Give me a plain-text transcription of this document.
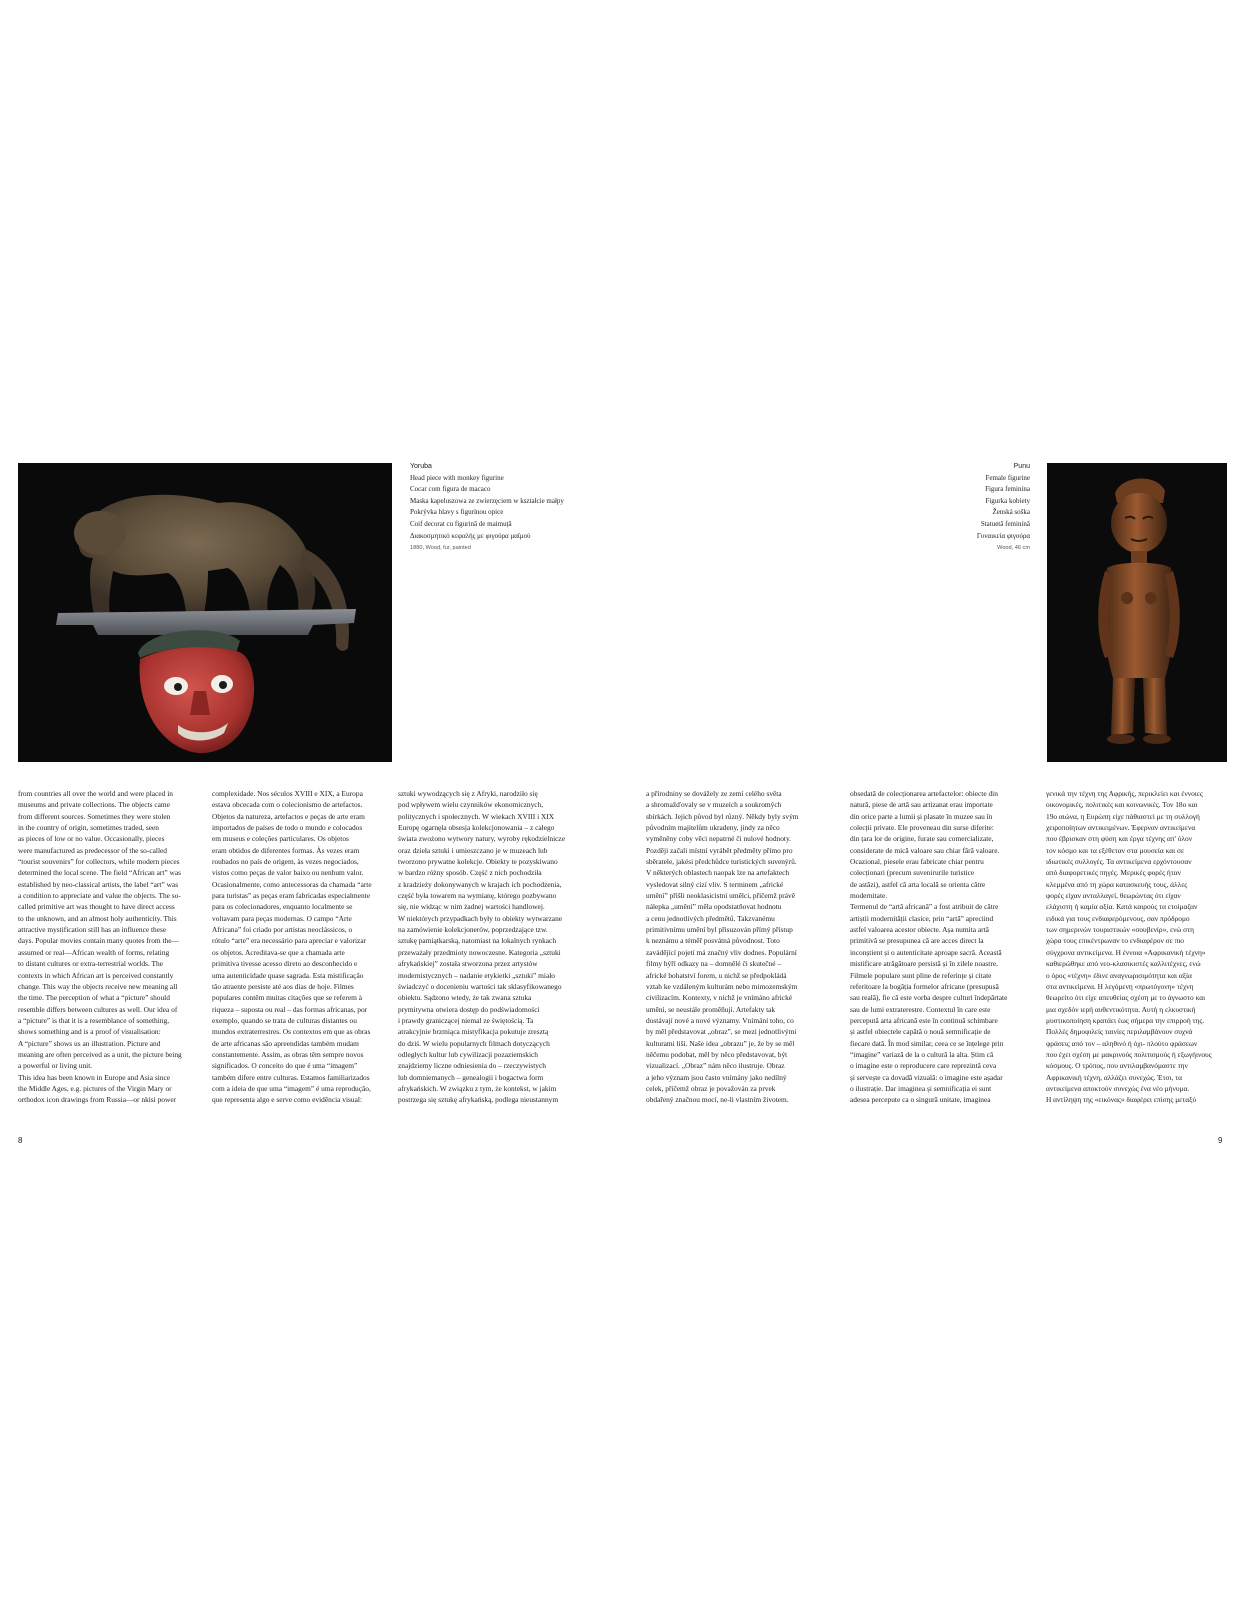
Yoruba
Head piece with monkey figurine
Cocar com figura de macaco
Maska kapeluszowa ze zwierzęciem w kształcie małpy
Pokrývka hlavy s figurínou opice
Coif decorat cu figurină de maimuță
Διακοσμητικό κεφαλής με φιγούρα μαϊμού
1880, Wood, fur, painted
Punu
Female figurine
Figura feminina
Figurka kobiety
Ženská soška
Statuetă feminină
Γυναικεία φιγούρα
Wood, 46 cm
from countries all over the world and were placed in
museums and private collections. The objects came
from different sources. Sometimes they were stolen
in the country of origin, sometimes traded, seen
as pieces of low or no value. Occasionally, pieces
were manufactured as predecessor of the so-called
“tourist souvenirs” for collectors, while modern pieces
determined the local scene. The field “African art” was
established by neo-classical artists, the label “art” was
a condition to appreciate and value the objects. The so-
called primitive art was thought to have direct access
to the unknown, and an almost holy authenticity. This
attractive mystification still has an influence these
days. Popular movies contain many quotes from the—
assumed or real—African wealth of forms, relating
to distant cultures or extra-terrestrial worlds. The
contexts in which African art is perceived constantly
change. This way the objects receive new meaning all
the time. The perception of what a “picture” should
resemble differs between cultures as well. Our idea of
a “picture” is that it is a resemblance of something,
shows something and is a proof of visualisation:
A “picture” shows us an illustration. Picture and
meaning are often perceived as a unit, the picture being
a powerful or living unit.
This idea has been known in Europe and Asia since
the Middle Ages, e.g. pictures of the Virgin Mary or
orthodox icon drawings from Russia—or nkisi power
complexidade. Nos séculos XVIII e XIX, a Europa
estava obcecada com o colecionismo de artefactos.
Objetos da natureza, artefactos e peças de arte eram
importados de países de todo o mundo e colocados
em museus e coleções particulares. Os objetos
eram obtidos de diferentes formas. Às vezes eram
roubados no país de origem, às vezes negociados,
vistos como peças de valor baixo ou nenhum valor.
Ocasionalmente, como antecessoras da chamada “arte
para turistas” as peças eram fabricadas especialmente
para os colecionadores, enquanto localmente se
voltavam para peças modernas. O campo “Arte
Africana” foi criado por artistas neoclássicos, o
rótulo “arte” era necessário para apreciar e valorizar
os objetos. Acreditava-se que a chamada arte
primitiva tivesse acesso direto ao desconhecido e
uma autenticidade quase sagrada. Esta mistificação
tão atraente persiste até aos dias de hoje. Filmes
populares contêm muitas citações que se referem à
riqueza – suposta ou real – das formas africanas, por
exemplo, quando se trata de culturas distantes ou
mundos extraterrestres. Os contextos em que as obras
de arte africanas são apreendidas também mudam
constantemente. Assim, as obras têm sempre novos
significados. O conceito do que é uma “imagem”
também difere entre culturas. Estamos familiarizados
com a ideia de que uma “imagem” é uma reprodução,
que representa algo e serve como evidência visual:
sztuki wywodzących się z Afryki, narodziło się
pod wpływem wielu czynników ekonomicznych,
politycznych i społecznych. W wiekach XVIII i XIX
Europę ogarnęła obsesja kolekcjonowania – z całego
świata zwożono wytwory natury, wyroby rękodzielnicze
oraz dzieła sztuki i umieszczano je w muzeach lub
tworzono prywatne kolekcje. Obiekty te pozyskiwano
w bardzo różny sposób. Część z nich pochodziła
z kradzieży dokonywanych w krajach ich pochodzenia,
część była towarem na wymianę, którego pozbywano
się, nie widząc w nim żadnej wartości handlowej.
W niektórych przypadkach były to obiekty wytwarzane
na zamówienie kolekcjonerów, poprzedzające tzw.
sztukę pamiątkarską, natomiast na lokalnych rynkach
przeważały przedmioty nowoczesne. Kategoria „sztuki
afrykańskiej” została stworzona przez artystów
modernistycznych – nadanie etykietki „sztuki” miało
świadczyć o docenieniu wartości tak sklasyfikowanego
obiektu. Sądzono wtedy, że tak zwana sztuka
prymitywna otwiera dostęp do podświadomości
i prawdy graniczącej niemal ze świętością. Ta
atrakcyjnie brzmiąca mistyfikacja pokutuje zresztą
do dziś. W wielu popularnych filmach dotyczących
odległych kultur lub cywilizacji pozaziemskich
znajdziemy liczne odniesienia do – rzeczywistych
lub domniemanych – genealogii i bogactwa form
afrykańskich. W związku z tym, że kontekst, w jakim
postrzega się sztukę afrykańską, podlega nieustannym
a přírodniny se dovážely ze zemí celého světa
a shromažďovaly se v muzeích a soukromých
sbírkách. Jejich původ byl různý. Někdy byly svým
původním majitelům ukradeny, jindy za něco
vyměněny coby věci nepatrné či nulové hodnoty.
Později začali místní vyrábět předměty přímo pro
sběratele, jakési předchůdce turistických suvenýrů.
V některých oblastech naopak lze na artefaktech
vysledovat silný cizí vliv. S terminem „africké
umění” přišli neoklasicistní umělci, přičemž právě
nálepka „umění” měla opodstatňovat hodnotu
a cenu jednotlivých předmětů. Takzvanému
primitivnímu umění byl přisuzován přímý přístup
k neznámu a téměř posvátná původnost. Toto
zavádějící pojetí má značný vliv dodnes. Populární
filmy hýří odkazy na – domnělé či skutečné –
africké bohatství forem, u nichž se předpokládá
vztah ke vzdáleným kulturám nebo mimozemským
civilizacím. Kontexty, v nichž je vnímáno africké
umění, se neustále proměňují. Artefakty tak
dostávají nové a nové významy. Vnímání toho, co
by měl představovat „obraz”, se mezi jednotlivými
kulturami liší. Naše idea „obrazu” je, že by se měl
něčemu podobat, měl by něco představovat, být
vizualizací. „Obraz” nám něco ilustruje. Obraz
a jeho význam jsou často vnímány jako nedílný
celek, přičemž obraz je považován za prvek
obdařený značnou mocí, ne-li vlastním životem.
obsedată de colecționarea artefactelor: obiecte din
natură, piese de artă sau artizanat erau importate
din orice parte a lumii și plasate în muzee sau în
colecții private. Ele proveneau din surse diferite:
din țara lor de origine, furate sau comercializate,
considerate de mică valoare sau chiar fără valoare.
Ocazional, piesele erau fabricate chiar pentru
colecționari (precum suvenirurile turistice
de astăzi), astfel că arta locală se orienta către
modernitate.
Termenul de “artă africană” a fost atribuit de către
artiștii modernității clasice, prin “artă” apreciind
astfel valoarea acestor obiecte. Așa numita artă
primitivă se presupunea că are acces direct la
inconștient și o autenticitate aproape sacră. Această
mistificare atrăgătoare persistă și în zilele noastre.
Filmele populare sunt pline de referințe și citate
referitoare la bogăția formelor africane (presupusă
sau reală), fie că este vorba despre culturi îndepărtate
sau de lumi extraterestre. Contextul în care este
percepută arta africană este în continuă schimbare
și astfel obiectele capătă o nouă semnificație de
fiecare dată. În mod similar, ceea ce se înțelege prin
“imagine” variază de la o cultură la alta. Știm că
o imagine este o reproducere care reprezintă ceva
și servește ca dovadă vizuală: o imagine este așadar
o ilustrație. Dar imaginea și semnificația ei sunt
adesea percepute ca o singură unitate, imaginea
γενικά την τέχνη της Αφρικής, περικλείει και έννοιες
οικονομικές, πολιτικές και κοινωνικές. Τον 18ο και
19ο αιώνα, η Ευρώπη είχε πάθιαστεί με τη συλλογή
χειροποίητων αντικειμένων. Έφερναν αντικείμενα
που έβρισκαν στη φύση και έργα τέχνης απ' όλον
τον κόσμο και τα εξέθεταν στα μουσεία και σε
ιδιωτικές συλλογές. Τα αντικείμενα ερχόντουσαν
από διαφορετικές πηγές. Μερικές φορές ήταν
κλεμμένα από τη χώρα κατασκευής τους, άλλες
φορές είχαν ανταλλαγεί, θεωρώντας ότι είχαν
ελάχιστη ή καμία αξία. Κατά καιρούς τα ετοίμαζαν
ειδικά για τους ενδιαφερόμενους, σαν πρόδρομο
των σημερινών τουριστικών «σουβενίρ», ενώ στη
χώρα τους επικέντρωναν το ενδιαφέρον σε πιο
σύγχρονα αντικείμενα. Η έννοια «Αφρικανική τέχνη»
καθιερώθηκε από νεο-κλασικιστές καλλιτέχνες, ενώ
ο όρος «τέχνη» έδινε αναγνωρισιμότητα και αξία
στα αντικείμενα. Η λεγόμενη «πρωτόγονη» τέχνη
θεωρείτο ότι είχε απευθείας σχέση με το άγνωστο και
μια σχεδόν ιερή αυθεντικότητα. Αυτή η ελκυστική
μυστικοποίηση κρατάει έως σήμερα την επιρροή της.
Πολλές δημοφιλείς ταινίες περιλαμβάνουν συχνά
φράσεις από τον – αληθινό ή όχι- πλούτο φράσεων
που έχει σχέση με μακρινούς πολιτισμούς ή εξωγήινους
κόσμους. Ο τρόπος, που αντιλαμβανόμαστε την
Αφρικανική τέχνη, αλλάζει συνεχώς. Έτσι, τα
αντικείμενα αποκτούν συνεχώς ένα νέο μήνυμα.
Η αντίληψη της «εικόνας» διαφέρει επίσης μεταξύ
8	9
